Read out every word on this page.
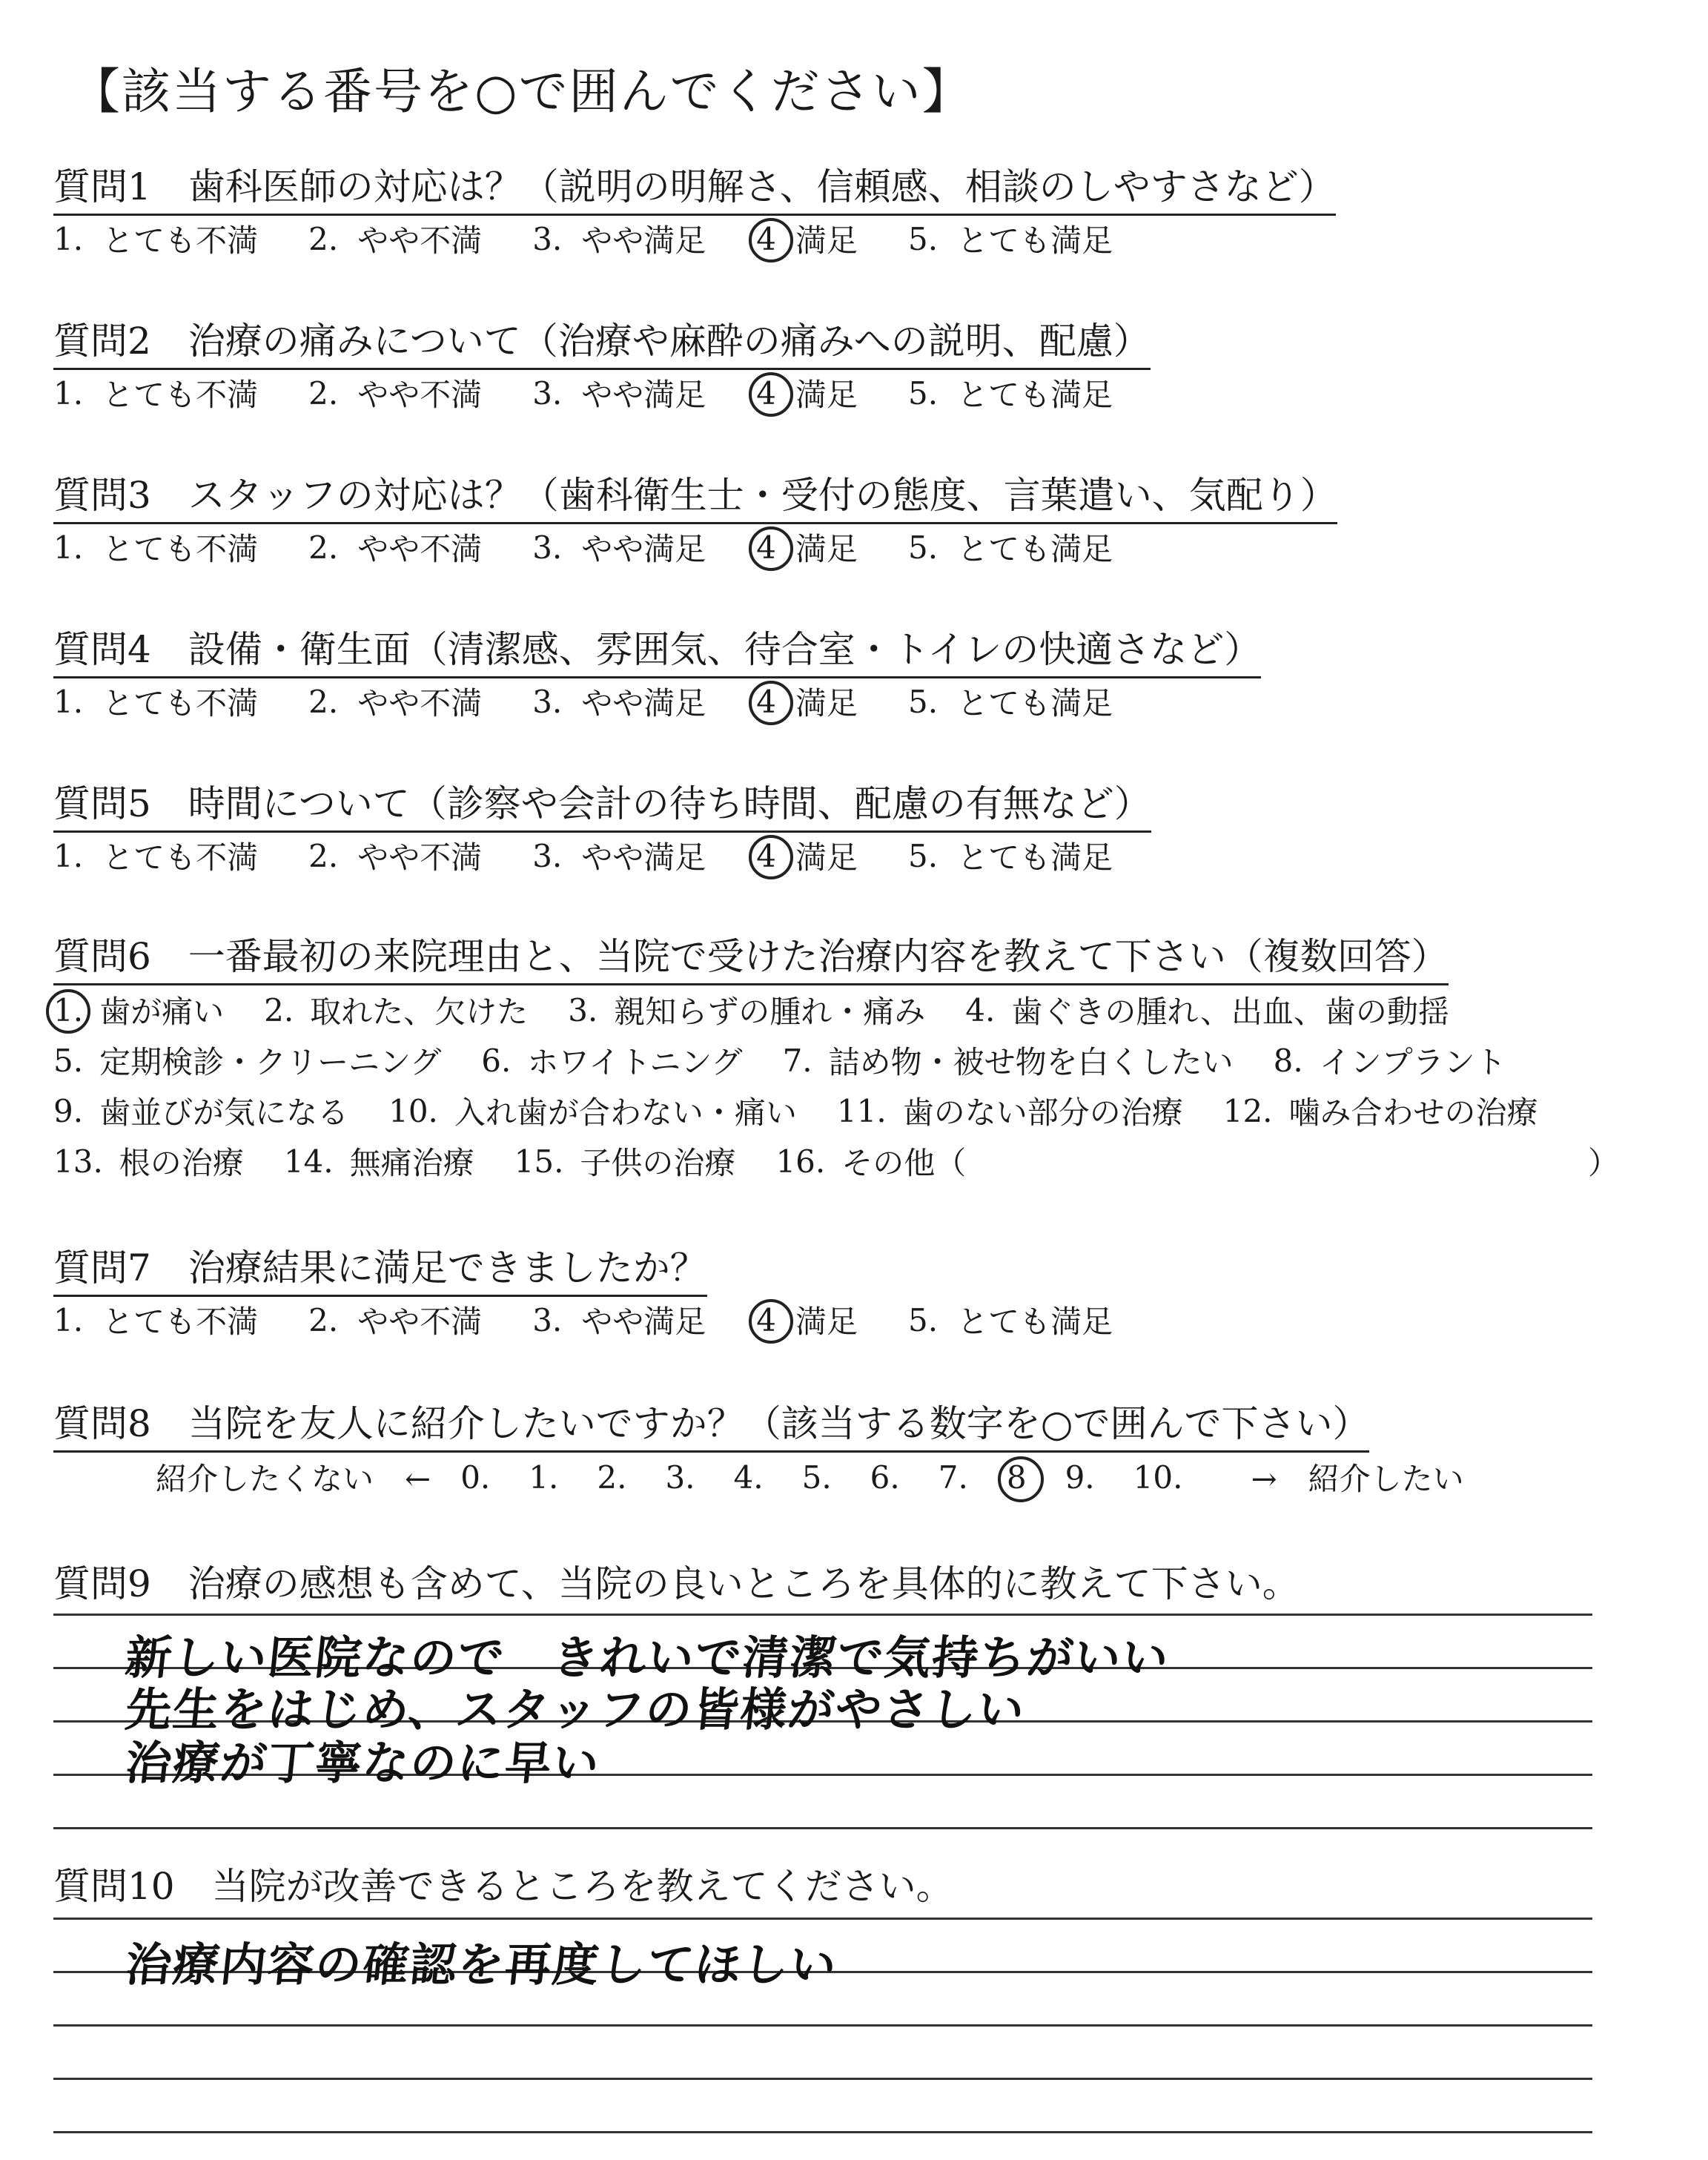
【該当する番号を○で囲んでください】
質問1　歯科医師の対応は？（説明の明解さ、信頼感、相談のしやすさなど）
1. とても不満 2. やや不満 3. やや満足 4 満足 5. とても満足
質問2　治療の痛みについて（治療や麻酔の痛みへの説明、配慮）
1. とても不満 2. やや不満 3. やや満足 4 満足 5. とても満足
質問3　スタッフの対応は？（歯科衛生士・受付の態度、言葉遣い、気配り）
1. とても不満 2. やや不満 3. やや満足 4 満足 5. とても満足
質問4　設備・衛生面（清潔感、雰囲気、待合室・トイレの快適さなど）
1. とても不満 2. やや不満 3. やや満足 4 満足 5. とても満足
質問5　時間について（診察や会計の待ち時間、配慮の有無など）
1. とても不満 2. やや不満 3. やや満足 4 満足 5. とても満足
質問6　一番最初の来院理由と、当院で受けた治療内容を教えて下さい（複数回答）
1. 歯が痛い 2. 取れた、欠けた 3. 親知らずの腫れ・痛み 4. 歯ぐきの腫れ、出血、歯の動揺
5. 定期検診・クリーニング 6. ホワイトニング 7. 詰め物・被せ物を白くしたい 8. インプラント
9. 歯並びが気になる 10. 入れ歯が合わない・痛い 11. 歯のない部分の治療 12. 噛み合わせの治療
13. 根の治療 14. 無痛治療 15. 子供の治療 16. その他（	）
質問7　治療結果に満足できましたか？
1. とても不満 2. やや不満 3. やや満足 4 満足 5. とても満足
質問8　当院を友人に紹介したいですか？（該当する数字を○で囲んで下さい）
紹介したくない　← 0. 1. 2. 3. 4. 5. 6. 7. 8 9. 10. →　紹介したい
質問9　治療の感想も含めて、当院の良いところを具体的に教えて下さい。
新しい医院なので　きれいで清潔で気持ちがいい
先生をはじめ、スタッフの皆様がやさしい
治療が丁寧なのに早い
質問10　当院が改善できるところを教えてください。
治療内容の確認を再度してほしい
